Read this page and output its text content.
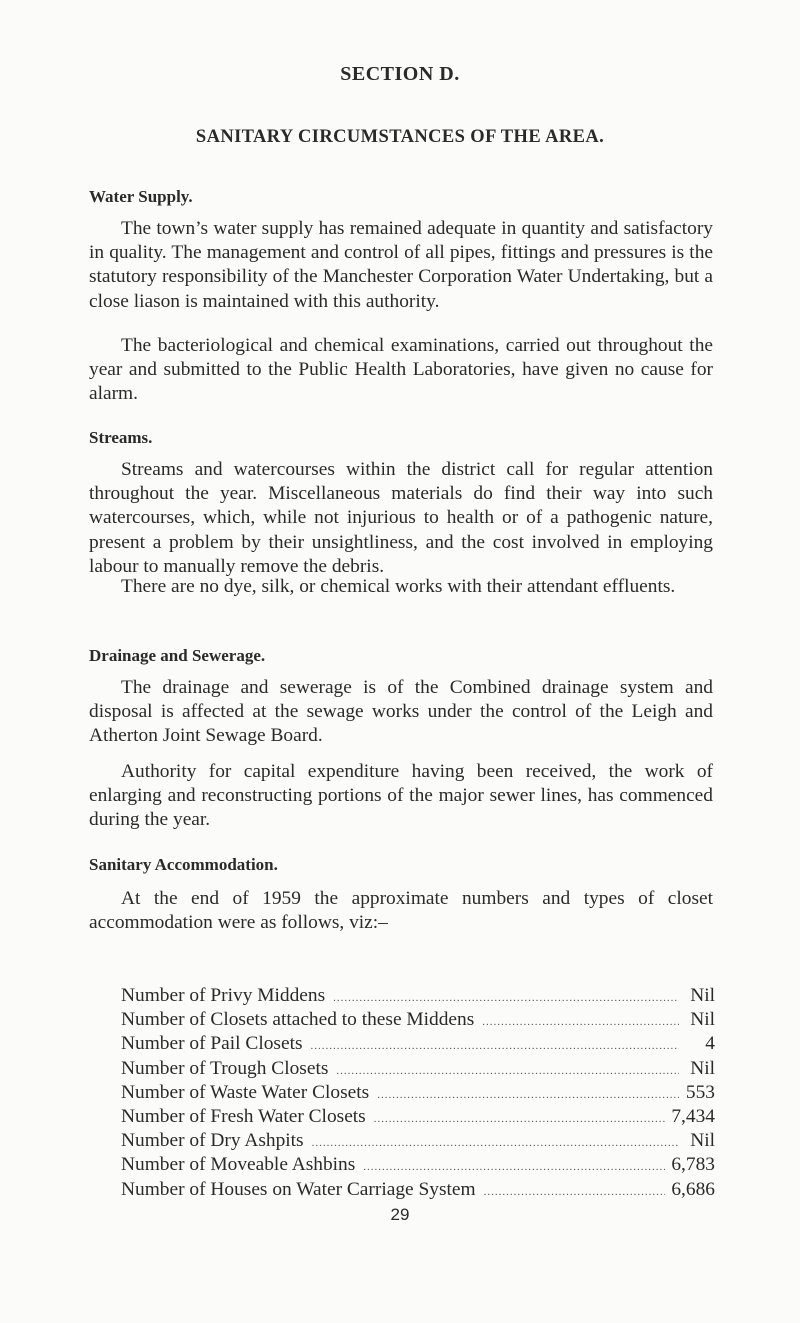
SECTION D.
SANITARY CIRCUMSTANCES OF THE AREA.
Water Supply.

The town’s water supply has remained adequate in quantity and satisfactory in quality. The management and control of all pipes, fittings and pressures is the statutory responsibility of the Manchester Corporation Water Undertaking, but a close liason is maintained with this authority.

The bacteriological and chemical examinations, carried out throughout the year and submitted to the Public Health Laboratories, have given no cause for alarm.

Streams.

Streams and watercourses within the district call for regular attention throughout the year. Miscellaneous materials do find their way into such watercourses, which, while not injurious to health or of a pathogenic nature, present a problem by their unsightliness, and the cost involved in employing labour to manually remove the debris.

There are no dye, silk, or chemical works with their attendant effluents.

Drainage and Sewerage.

The drainage and sewerage is of the Combined drainage system and disposal is affected at the sewage works under the control of the Leigh and Atherton Joint Sewage Board.

Authority for capital expenditure having been received, the work of enlarging and reconstructing portions of the major sewer lines, has commenced during the year.

Sanitary Accommodation.

At the end of 1959 the approximate numbers and types of closet accommodation were as follows, viz:–

Number of Privy Middens .....	Nil
Number of Closets attached to these Middens .....	Nil
Number of Pail Closets .....	4
Number of Trough Closets .....	Nil
Number of Waste Water Closets .....	553
Number of Fresh Water Closets .....	7,434
Number of Dry Ashpits .....	Nil
Number of Moveable Ashbins .....	6,783
Number of Houses on Water Carriage System .....	6,686

29
